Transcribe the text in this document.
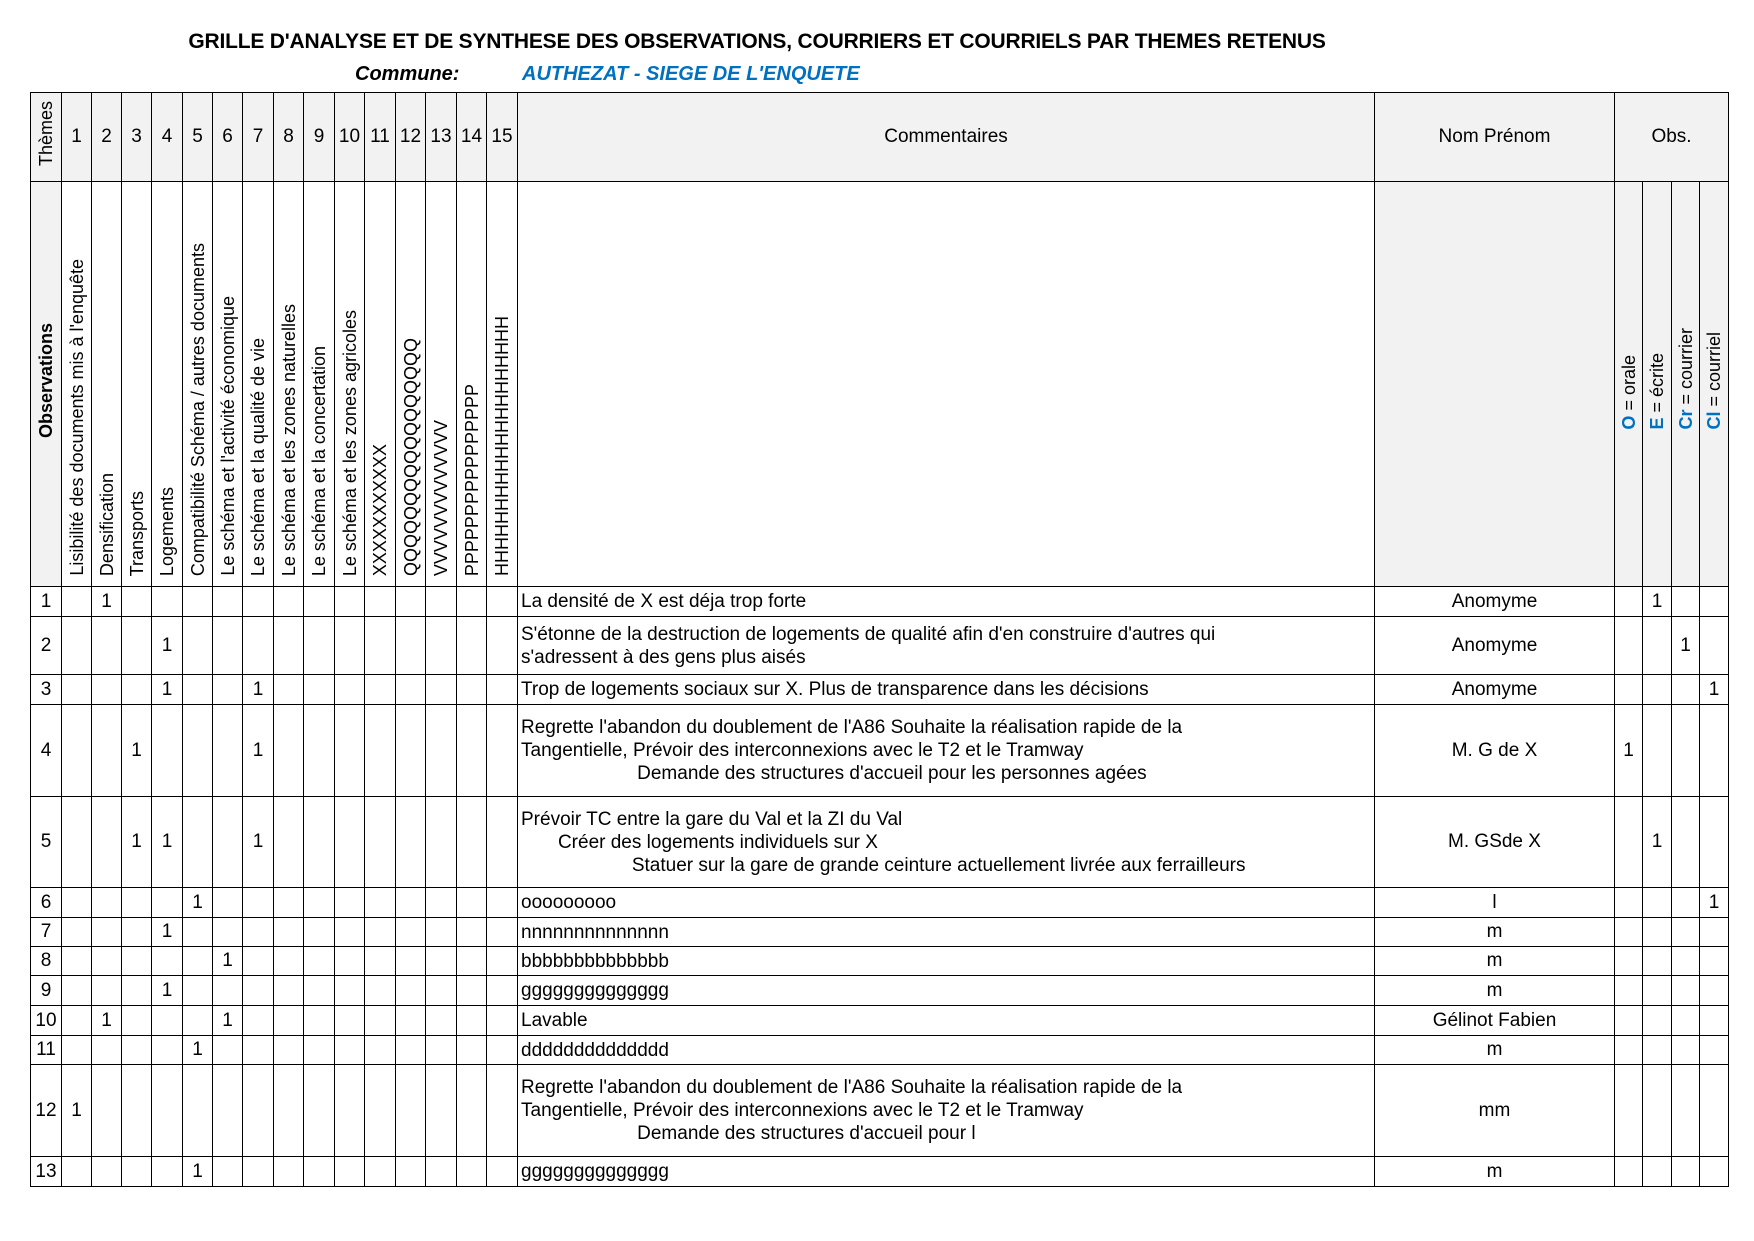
GRILLE D'ANALYSE ET DE SYNTHESE DES OBSERVATIONS, COURRIERS ET COURRIELS PAR THEMES RETENUS
Commune:	AUTHEZAT - SIEGE DE L'ENQUETE
Thèmes	1	2	3	4	5	6	7	8	9	10	11	12	13	14	15	Commentaires	Nom Prénom	Obs.			
Observations	Lisibilité des documents mis à l'enquête	Densification	Transports	Logements	Compatibilité Schéma / autres documents	Le schéma et l'activité économique	Le schéma et la qualité de vie	Le schéma et les zones naturelles	Le schéma et la concertation	Le schéma et les zones agricoles	XXXXXXXXXXX	QQQQQQQQQQQQQQQQQ	VVVVVVVVVVVVV	PPPPPPPPPPPPPPPP	HHHHHHHHHHHHHHHHHHHH			O = orale	E = écrite	Cr = courrier	Cl = courriel
1		1														La densité de X est déja trop forte	Anomyme		1		
2				1												S'étonne de la destruction de logements de qualité afin d'en construire d'autres qui
s'adressent à des gens plus aisés	Anomyme			1	
3				1			1									Trop de logements sociaux sur X. Plus de transparence dans les décisions	Anomyme				1
4			1				1									Regrette l'abandon du doublement de l'A86 Souhaite la réalisation rapide de la
Tangentielle, Prévoir des interconnexions avec le T2 et le Tramway
Demande des structures d'accueil pour les personnes agées	M. G de X	1			
5			1	1			1									Prévoir TC entre la gare du Val et la ZI du Val
Créer des logements individuels sur X
Statuer sur la gare de grande ceinture actuellement livrée aux ferrailleurs	M. GSde X		1		
6					1											ooooooooo	l				1
7				1												nnnnnnnnnnnnnn	m				
8						1										bbbbbbbbbbbbbb	m				
9				1												gggggggggggggg	m				
10		1				1										Lavable	Gélinot Fabien				
11					1											dddddddddddddd	m				
12	1															Regrette l'abandon du doublement de l'A86 Souhaite la réalisation rapide de la
Tangentielle, Prévoir des interconnexions avec le T2 et le Tramway
Demande des structures d'accueil pour l	mm				
13					1											gggggggggggggg	m				
